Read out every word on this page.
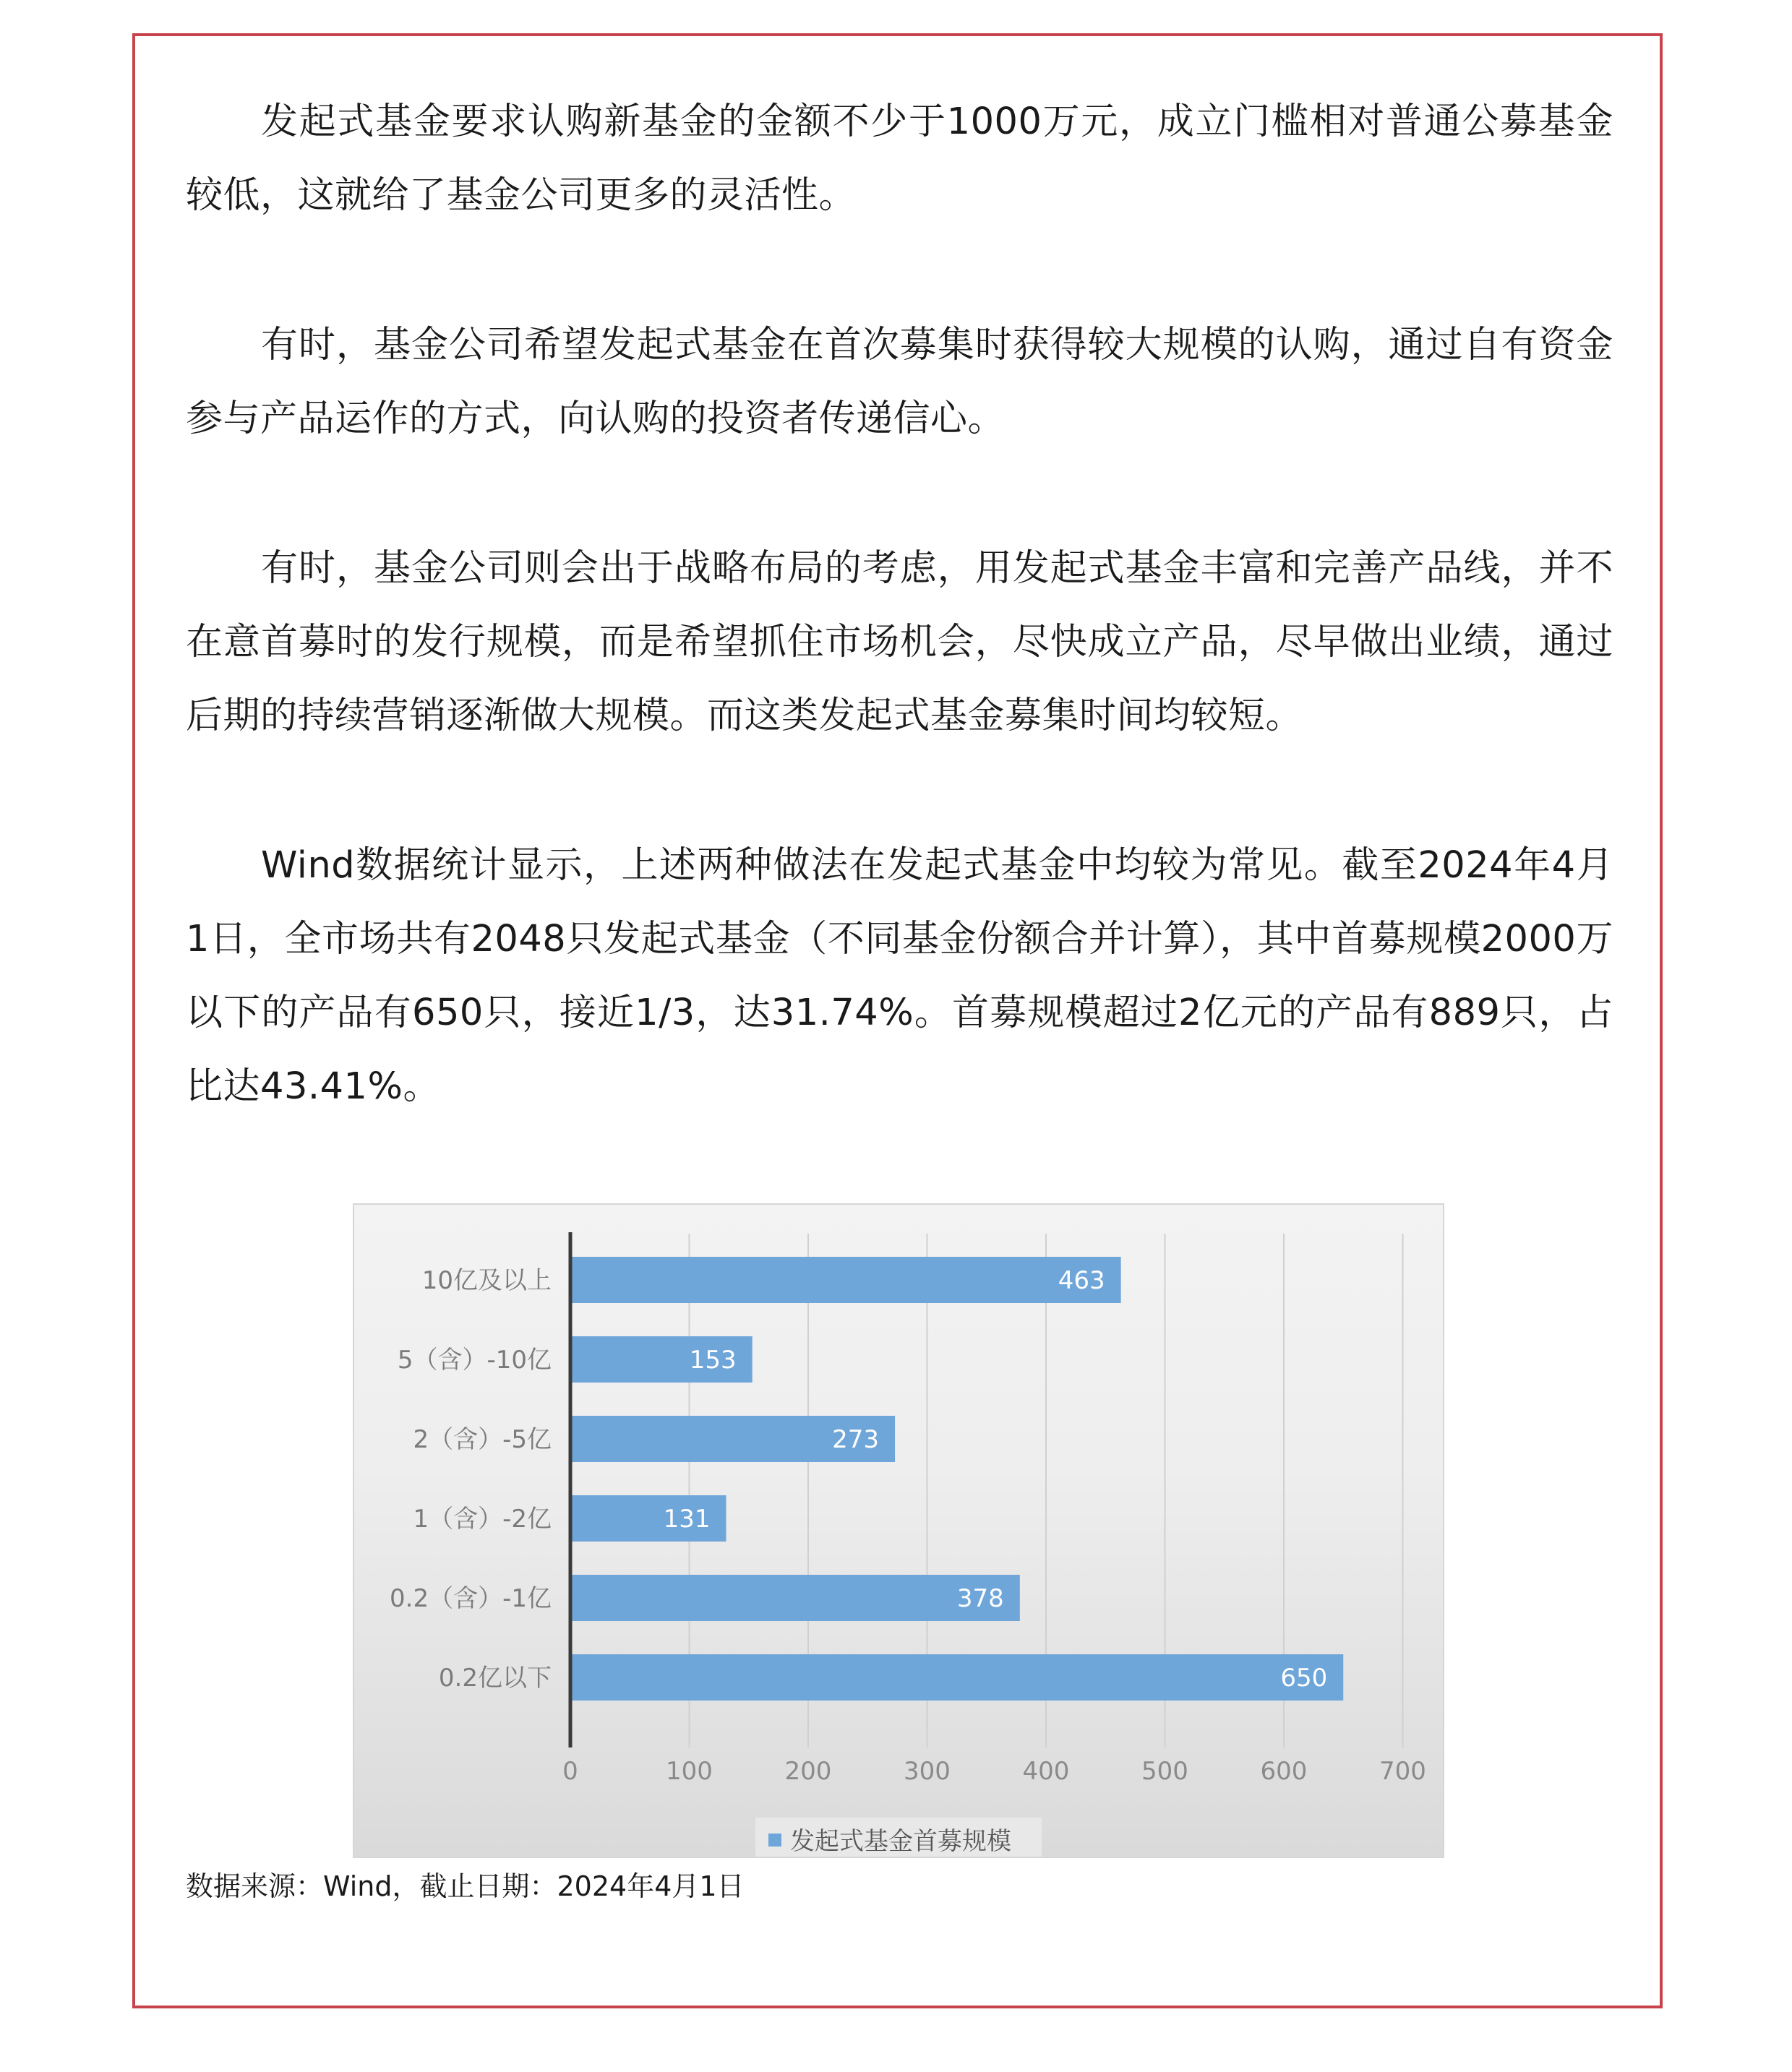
发起式基金要求认购新基金的金额不少于1000万元，成立门槛相对普通公募基金较低，这就给了基金公司更多的灵活性。

有时，基金公司希望发起式基金在首次募集时获得较大规模的认购，通过自有资金参与产品运作的方式，向认购的投资者传递信心。

有时，基金公司则会出于战略布局的考虑，用发起式基金丰富和完善产品线，并不在意首募时的发行规模，而是希望抓住市场机会，尽快成立产品，尽早做出业绩，通过后期的持续营销逐渐做大规模。而这类发起式基金募集时间均较短。

Wind数据统计显示，上述两种做法在发起式基金中均较为常见。截至2024年4月1日，全市场共有2048只发起式基金（不同基金份额合并计算），其中首募规模2000万以下的产品有650只，接近1/3，达31.74%。首募规模超过2亿元的产品有889只，占比达43.41%。

463
10亿及以上
153
5（含）-10亿
273
2（含）-5亿
131
1（含）-2亿
378
0.2（含）-1亿
650
0.2亿以下
0	100	200	300	400	500	600	700
发起式基金首募规模

数据来源：Wind，截止日期：2024年4月1日
